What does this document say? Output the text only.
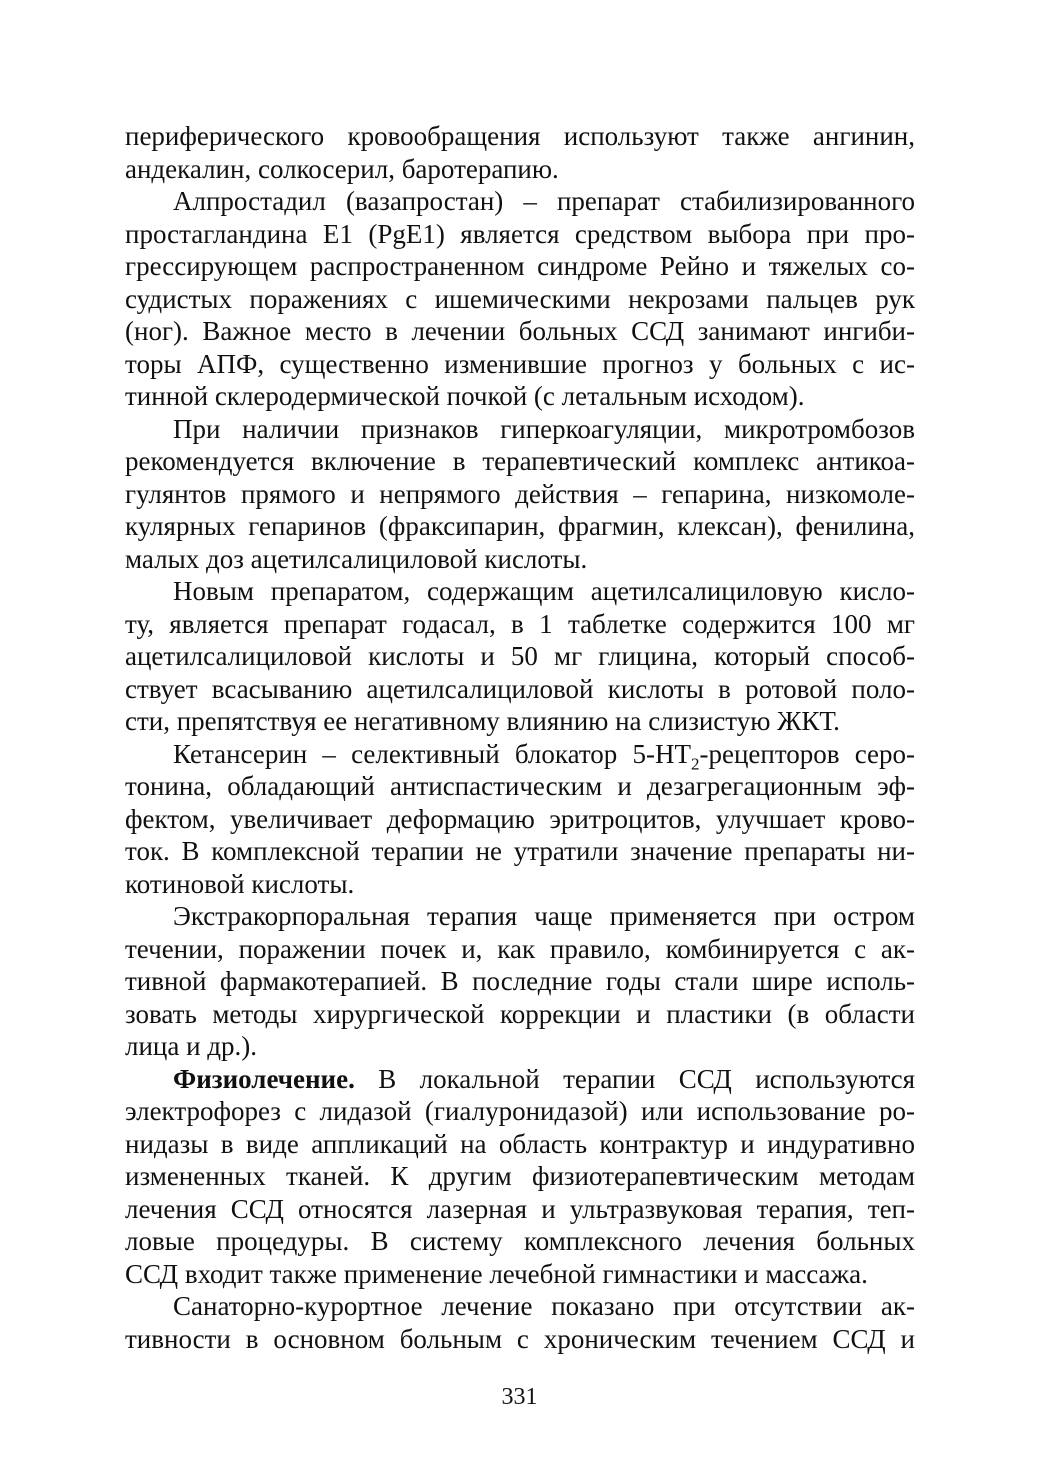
периферического кровообращения используют также ангинин,
андекалин, солкосерил, баротерапию.
Алпростадил (вазапростан) – препарат стабилизированного
простагландина E1 (PgE1) является средством выбора при про-
грессирующем распространенном синдроме Рейно и тяжелых со-
судистых поражениях с ишемическими некрозами пальцев рук
(ног). Важное место в лечении больных ССД занимают ингиби-
торы АПФ, существенно изменившие прогноз у больных с ис-
тинной склеродермической почкой (с летальным исходом).
При наличии признаков гиперкоагуляции, микротромбозов
рекомендуется включение в терапевтический комплекс антикоа-
гулянтов прямого и непрямого действия – гепарина, низкомоле-
кулярных гепаринов (фраксипарин, фрагмин, клексан), фенилина,
малых доз ацетилсалициловой кислоты.
Новым препаратом, содержащим ацетилсалициловую кисло-
ту, является препарат годасал, в 1 таблетке содержится 100 мг
ацетилсалициловой кислоты и 50 мг глицина, который способ-
ствует всасыванию ацетилсалициловой кислоты в ротовой поло-
сти, препятствуя ее негативному влиянию на слизистую ЖКТ.
Кетансерин – селективный блокатор $5-HT_2$-рецепторов серо-
тонина, обладающий антиспастическим и дезагрегационным эф-
фектом, увеличивает деформацию эритроцитов, улучшает крово-
ток. В комплексной терапии не утратили значение препараты ни-
котиновой кислоты.
Экстракорпоральная терапия чаще применяется при остром
течении, поражении почек и, как правило, комбинируется с ак-
тивной фармакотерапией. В последние годы стали шире исполь-
зовать методы хирургической коррекции и пластики (в области
лица и др.).
Физиолечение. В локальной терапии ССД используются
электрофорез с лидазой (гиалуронидазой) или использование ро-
нидазы в виде аппликаций на область контрактур и индуративно
измененных тканей. К другим физиотерапевтическим методам
лечения ССД относятся лазерная и ультразвуковая терапия, теп-
ловые процедуры. В систему комплексного лечения больных
ССД входит также применение лечебной гимнастики и массажа.
Санаторно-курортное лечение показано при отсутствии ак-
тивности в основном больным с хроническим течением ССД и
331
